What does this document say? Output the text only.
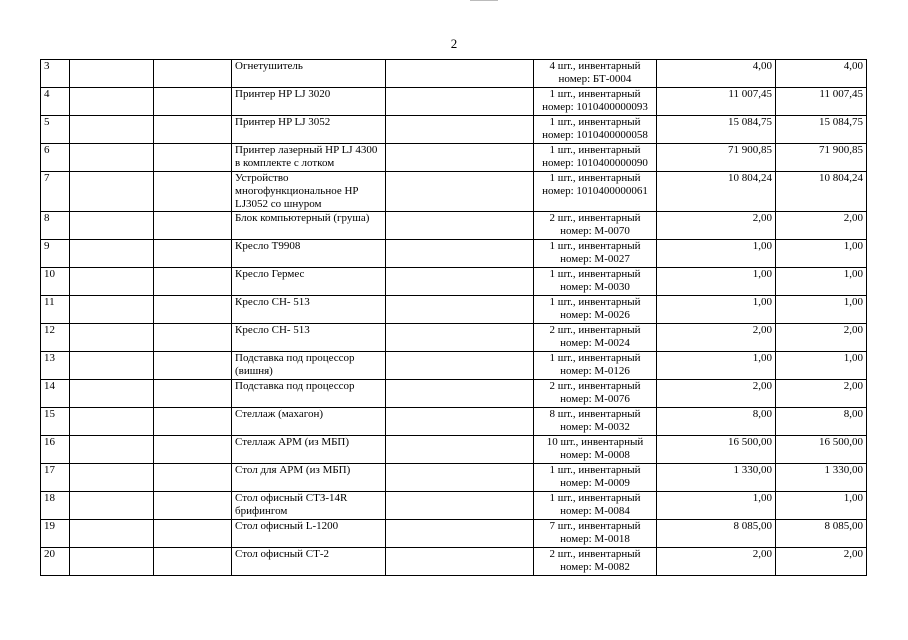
2
3			Огнетушитель		4 шт., инвентарный номер: БТ-0004	4,00	4,00
4			Принтер HP LJ 3020		1 шт., инвентарный номер: 1010400000093	11 007,45	11 007,45
5			Принтер HP LJ 3052		1 шт., инвентарный номер: 1010400000058	15 084,75	15 084,75
6			Принтер лазерный HP LJ 4300 в комплекте с лотком		1 шт., инвентарный номер: 1010400000090	71 900,85	71 900,85
7			Устройство многофункциональное HP LJ3052 со шнуром		1 шт., инвентарный номер: 1010400000061	10 804,24	10 804,24
8			Блок компьютерный (груша)		2 шт., инвентарный номер: М-0070	2,00	2,00
9			Кресло Т9908		1 шт., инвентарный номер: М-0027	1,00	1,00
10			Кресло Гермес		1 шт., инвентарный номер: М-0030	1,00	1,00
11			Кресло СН- 513		1 шт., инвентарный номер: М-0026	1,00	1,00
12			Кресло СН- 513		2 шт., инвентарный номер: М-0024	2,00	2,00
13			Подставка под процессор (вишня)		1 шт., инвентарный номер: М-0126	1,00	1,00
14			Подставка под процессор		2 шт., инвентарный номер: М-0076	2,00	2,00
15			Стеллаж (махагон)		8 шт., инвентарный номер: М-0032	8,00	8,00
16			Стеллаж АРМ (из МБП)		10 шт., инвентарный номер: М-0008	16 500,00	16 500,00
17			Стол для АРМ (из МБП)		1 шт., инвентарный номер: М-0009	1 330,00	1 330,00
18			Стол офисный СТЗ-14R брифингом		1 шт., инвентарный номер: М-0084	1,00	1,00
19			Стол офисный L-1200		7 шт., инвентарный номер: М-0018	8 085,00	8 085,00
20			Стол офисный СТ-2		2 шт., инвентарный номер: М-0082	2,00	2,00
